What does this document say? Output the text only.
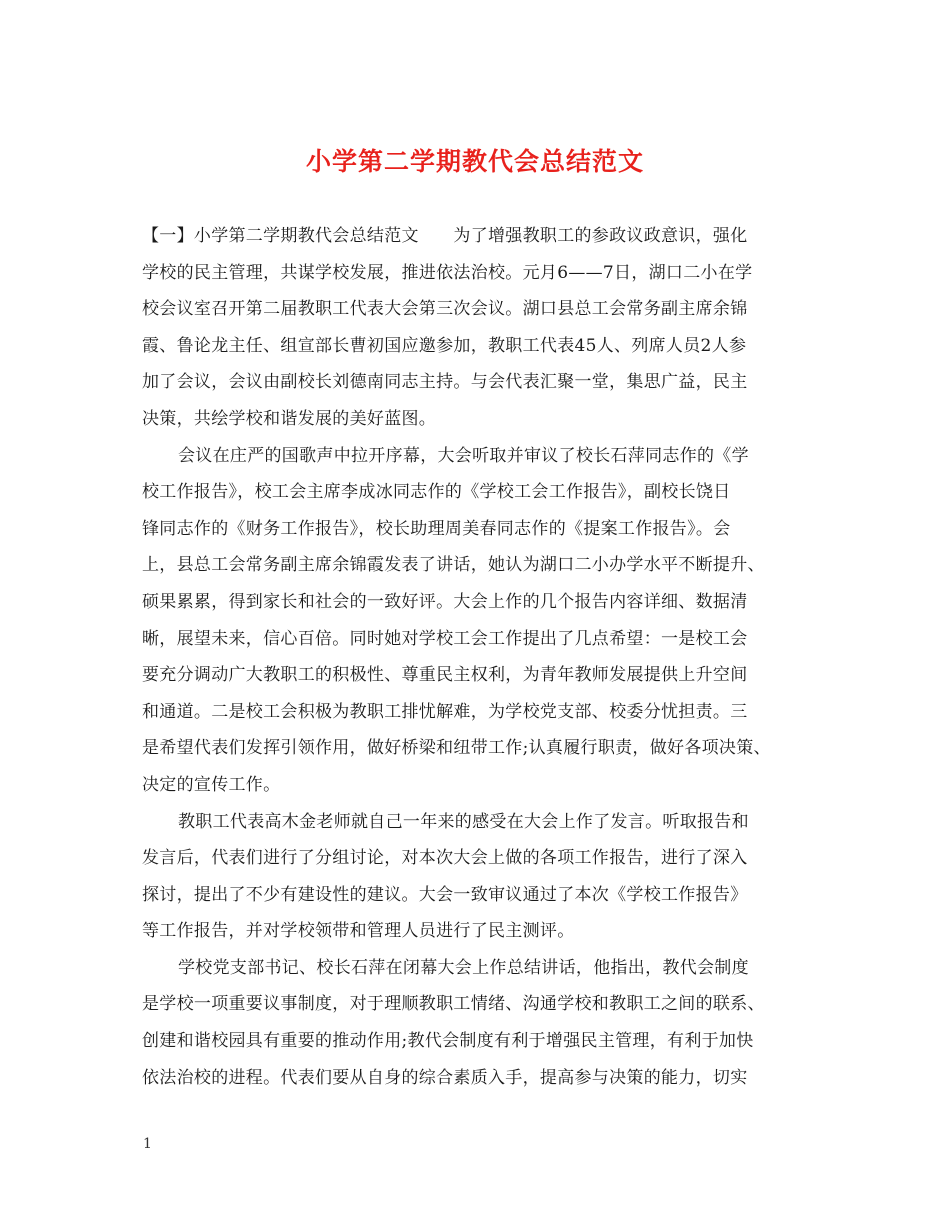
小学第二学期教代会总结范文
【一】小学第二学期教代会总结范文　　为了增强教职工的参政议政意识，强化
学校的民主管理，共谋学校发展，推进依法治校。元月6——7日，湖口二小在学
校会议室召开第二届教职工代表大会第三次会议。湖口县总工会常务副主席余锦
霞、鲁论龙主任、组宣部长曹初国应邀参加，教职工代表45人、列席人员2人参
加了会议，会议由副校长刘德南同志主持。与会代表汇聚一堂，集思广益，民主
决策，共绘学校和谐发展的美好蓝图。
会议在庄严的国歌声中拉开序幕，大会听取并审议了校长石萍同志作的《学
校工作报告》，校工会主席李成冰同志作的《学校工会工作报告》，副校长饶日
锋同志作的《财务工作报告》，校长助理周美春同志作的《提案工作报告》。会
上，县总工会常务副主席余锦霞发表了讲话，她认为湖口二小办学水平不断提升、
硕果累累，得到家长和社会的一致好评。大会上作的几个报告内容详细、数据清
晰，展望未来，信心百倍。同时她对学校工会工作提出了几点希望：一是校工会
要充分调动广大教职工的积极性、尊重民主权利，为青年教师发展提供上升空间
和通道。二是校工会积极为教职工排忧解难，为学校党支部、校委分忧担责。三
是希望代表们发挥引领作用，做好桥梁和纽带工作;认真履行职责，做好各项决策、
决定的宣传工作。
教职工代表高木金老师就自己一年来的感受在大会上作了发言。听取报告和
发言后，代表们进行了分组讨论，对本次大会上做的各项工作报告，进行了深入
探讨，提出了不少有建设性的建议。大会一致审议通过了本次《学校工作报告》
等工作报告，并对学校领带和管理人员进行了民主测评。
学校党支部书记、校长石萍在闭幕大会上作总结讲话，他指出，教代会制度
是学校一项重要议事制度，对于理顺教职工情绪、沟通学校和教职工之间的联系、
创建和谐校园具有重要的推动作用;教代会制度有利于增强民主管理，有利于加快
依法治校的进程。代表们要从自身的综合素质入手，提高参与决策的能力，切实
1
